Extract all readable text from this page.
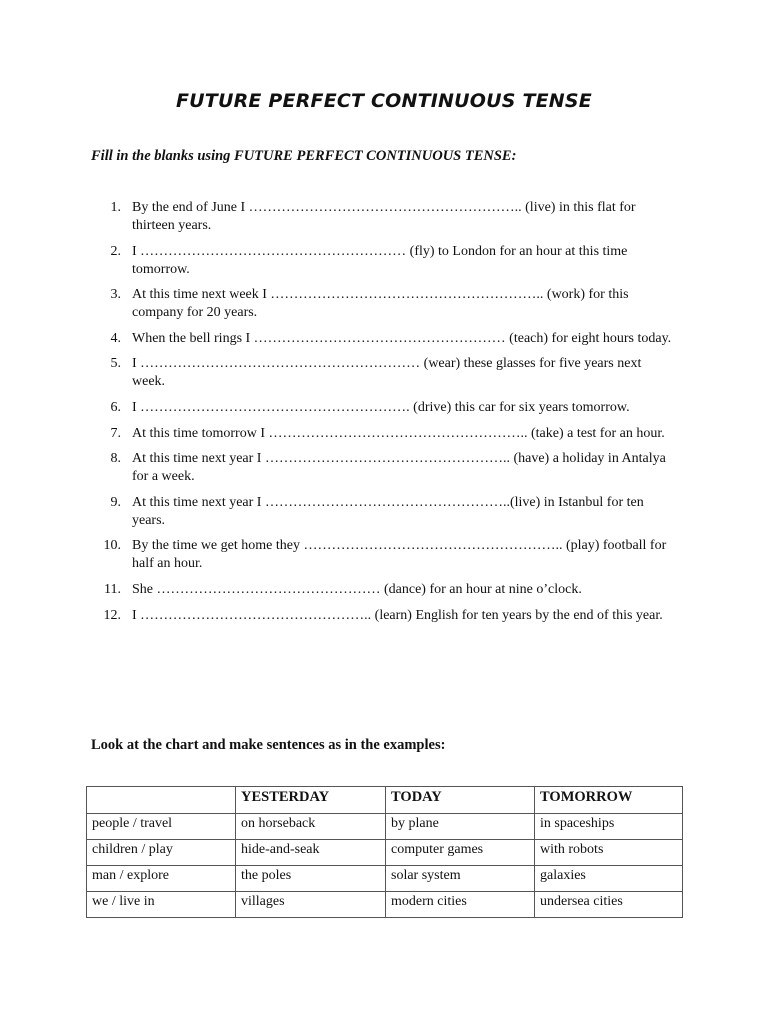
FUTURE PERFECT CONTINUOUS TENSE
Fill in the blanks using FUTURE PERFECT CONTINUOUS TENSE:
1. By the end of June I ………………………………………………….. (live) in this flat for thirteen years.
2. I ………………………………………………… (fly) to London for an hour at this time tomorrow.
3. At this time next week I ………………………………………………….. (work) for this company for 20 years.
4. When the bell rings I ……………………………………………… (teach) for eight hours today.
5. I …………………………………………………… (wear) these glasses for five years next week.
6. I …………………………………………………. (drive) this car for six years tomorrow.
7. At this time tomorrow I ……………………………………………….. (take) a test for an hour.
8. At this time next year I …………………………………………….. (have) a holiday in Antalya for a week.
9. At this time next year I ……………………………………………..(live) in Istanbul for ten years.
10. By the time we get home they ……………………………………………….. (play) football for half an hour.
11. She ………………………………………… (dance) for an hour at nine o’clock.
12. I ………………………………………….. (learn) English for ten years by the end of this year.
Look at the chart and make sentences as in the examples:
	YESTERDAY	TODAY	TOMORROW
people / travel	on horseback	by plane	in spaceships
children / play	hide-and-seak	computer games	with robots
man / explore	the poles	solar system	galaxies
we / live in	villages	modern cities	undersea cities
